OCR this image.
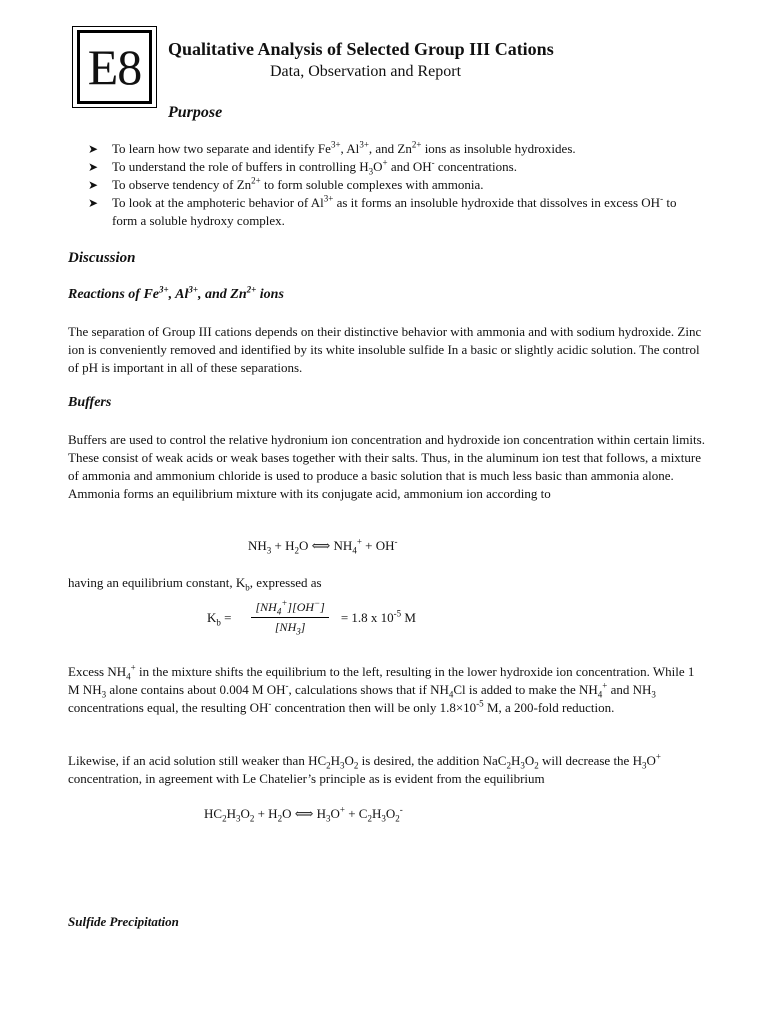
E8	Qualitative Analysis of Selected Group III Cations
Data, Observation and Report
Purpose
➤ To learn how two separate and identify $Fe^{3+}$, $Al^{3+}$, and $Zn^{2+}$ ions as insoluble hydroxides.
➤ To understand the role of buffers in controlling $H_3O^+$ and OH- concentrations.
➤ To observe tendency of $Zn^{2+}$ to form soluble complexes with ammonia.
➤ To look at the amphoteric behavior of $Al^{3+}$ as it forms an insoluble hydroxide that dissolves in excess OH- to form a soluble hydroxy complex.
Discussion
Reactions of $Fe^{3+}$, $Al^{3+}$, and $Zn^{2+}$ ions
The separation of Group III cations depends on their distinctive behavior with ammonia and with sodium hydroxide. Zinc ion is conveniently removed and identified by its white insoluble sulfide In a basic or slightly acidic solution. The control of pH is important in all of these separations.
Buffers
Buffers are used to control the relative hydronium ion concentration and hydroxide ion concentration within certain limits. These consist of weak acids or weak bases together with their salts. Thus, in the aluminum ion test that follows, a mixture of ammonia and ammonium chloride is used to produce a basic solution that is much less basic than ammonia alone. Ammonia forms an equilibrium mixture with its conjugate acid, ammonium ion according to
$NH_3 + H_2O$ ⟺ $NH_4^+ + OH^-$
having an equilibrium constant, $K_b$, expressed as
$K_b = \frac{[NH_4^+][OH^-]}{[NH_3]} = 1.8$ x $10^{-5}$ M
Excess $NH_4^+$ in the mixture shifts the equilibrium to the left, resulting in the lower hydroxide ion concentration. While 1 M $NH_3$ alone contains about 0.004 M OH-, calculations shows that if $NH_4Cl$ is added to make the $NH_4^+$ and $NH_3$ concentrations equal, the resulting OH- concentration then will be only $1.8\times 10^{-5}$ M, a 200-fold reduction.
Likewise, if an acid solution still weaker than $HC_2H_3O_2$ is desired, the addition $NaC_2H_3O_2$ will decrease the $H_3O^+$ concentration, in agreement with Le Chatelier’s principle as is evident from the equilibrium
$HC_2H_3O_2 + H_2O$ ⟺ $H_3O^+ + C_2H_3O_2^-$
Sulfide Precipitation
